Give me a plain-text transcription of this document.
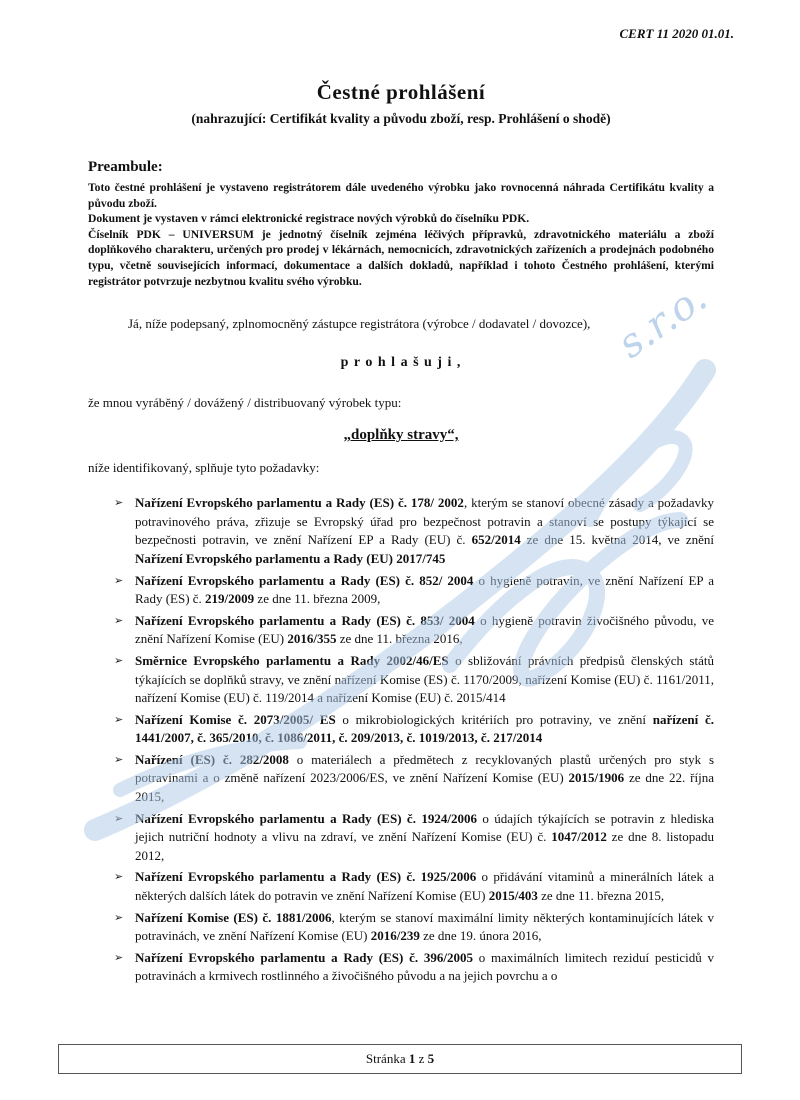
CERT 11 2020 01.01.
Čestné prohlášení

(nahrazující: Certifikát kvality a původu zboží, resp. Prohlášení o shodě)

Preambule:

Toto čestné prohlášení je vystaveno registrátorem dále uvedeného výrobku jako rovnocenná náhrada Certifikátu kvality a původu zboží.

Dokument je vystaven v rámci elektronické registrace nových výrobků do číselníku PDK.

Číselník PDK – UNIVERSUM je jednotný číselník zejména léčivých přípravků, zdravotnického materiálu a zboží doplňkového charakteru, určených pro prodej v lékárnách, nemocnicích, zdravotnických zařízeních a prodejnách podobného typu, včetně souvisejících informací, dokumentace a dalších dokladů, například i tohoto Čestného prohlášení, kterými registrátor potvrzuje nezbytnou kvalitu svého výrobku.

Já, níže podepsaný, zplnomocněný zástupce registrátora (výrobce / dodavatel / dovozce),

p r o h l a š u j i ,

že mnou vyráběný / dovážený / distribuovaný výrobek typu:

„doplňky stravy“,

níže identifikovaný, splňuje tyto požadavky:

➢ Nařízení Evropského parlamentu a Rady (ES) č. 178/ 2002, kterým se stanoví obecné zásady a požadavky potravinového práva, zřizuje se Evropský úřad pro bezpečnost potravin a stanoví se postupy týkající se bezpečnosti potravin, ve znění Nařízení EP a Rady (EU) č. 652/2014 ze dne 15. května 2014, ve znění Nařízení Evropského parlamentu a Rady (EU) 2017/745
➢ Nařízení Evropského parlamentu a Rady (ES) č. 852/ 2004 o hygieně potravin, ve znění Nařízení EP a Rady (ES) č. 219/2009 ze dne 11. března 2009,
➢ Nařízení Evropského parlamentu a Rady (ES) č. 853/ 2004 o hygieně potravin živočišného původu, ve znění Nařízení Komise (EU) 2016/355 ze dne 11. března 2016,
➢ Směrnice Evropského parlamentu a Rady 2002/46/ES o sbližování právních předpisů členských států týkajících se doplňků stravy, ve znění nařízení Komise (ES) č. 1170/2009, nařízení Komise (EU) č. 1161/2011, nařízení Komise (EU) č. 119/2014 a nařízení Komise (EU) č. 2015/414
➢ Nařízení Komise č. 2073/2005/ ES o mikrobiologických kritériích pro potraviny, ve znění nařízení č. 1441/2007, č. 365/2010, č. 1086/2011, č. 209/2013, č. 1019/2013, č. 217/2014
➢ Nařízení (ES) č. 282/2008 o materiálech a předmětech z recyklovaných plastů určených pro styk s potravinami a o změně nařízení 2023/2006/ES, ve znění Nařízení Komise (EU) 2015/1906 ze dne 22. října 2015,
➢ Nařízení Evropského parlamentu a Rady (ES) č. 1924/2006 o údajích týkajících se potravin z hlediska jejich nutriční hodnoty a vlivu na zdraví, ve znění Nařízení Komise (EU) č. 1047/2012 ze dne 8. listopadu 2012,
➢ Nařízení Evropského parlamentu a Rady (ES) č. 1925/2006 o přidávání vitaminů a minerálních látek a některých dalších látek do potravin ve znění Nařízení Komise (EU) 2015/403 ze dne 11. března 2015,
➢ Nařízení Komise (ES) č. 1881/2006, kterým se stanoví maximální limity některých kontaminujících látek v potravinách, ve znění Nařízení Komise (EU) 2016/239 ze dne 19. února 2016,
➢ Nařízení Evropského parlamentu a Rady (ES) č. 396/2005 o maximálních limitech reziduí pesticidů v potravinách a krmivech rostlinného a živočišného původu a na jejich povrchu a o
s.r.o.
Stránka 1 z 5
